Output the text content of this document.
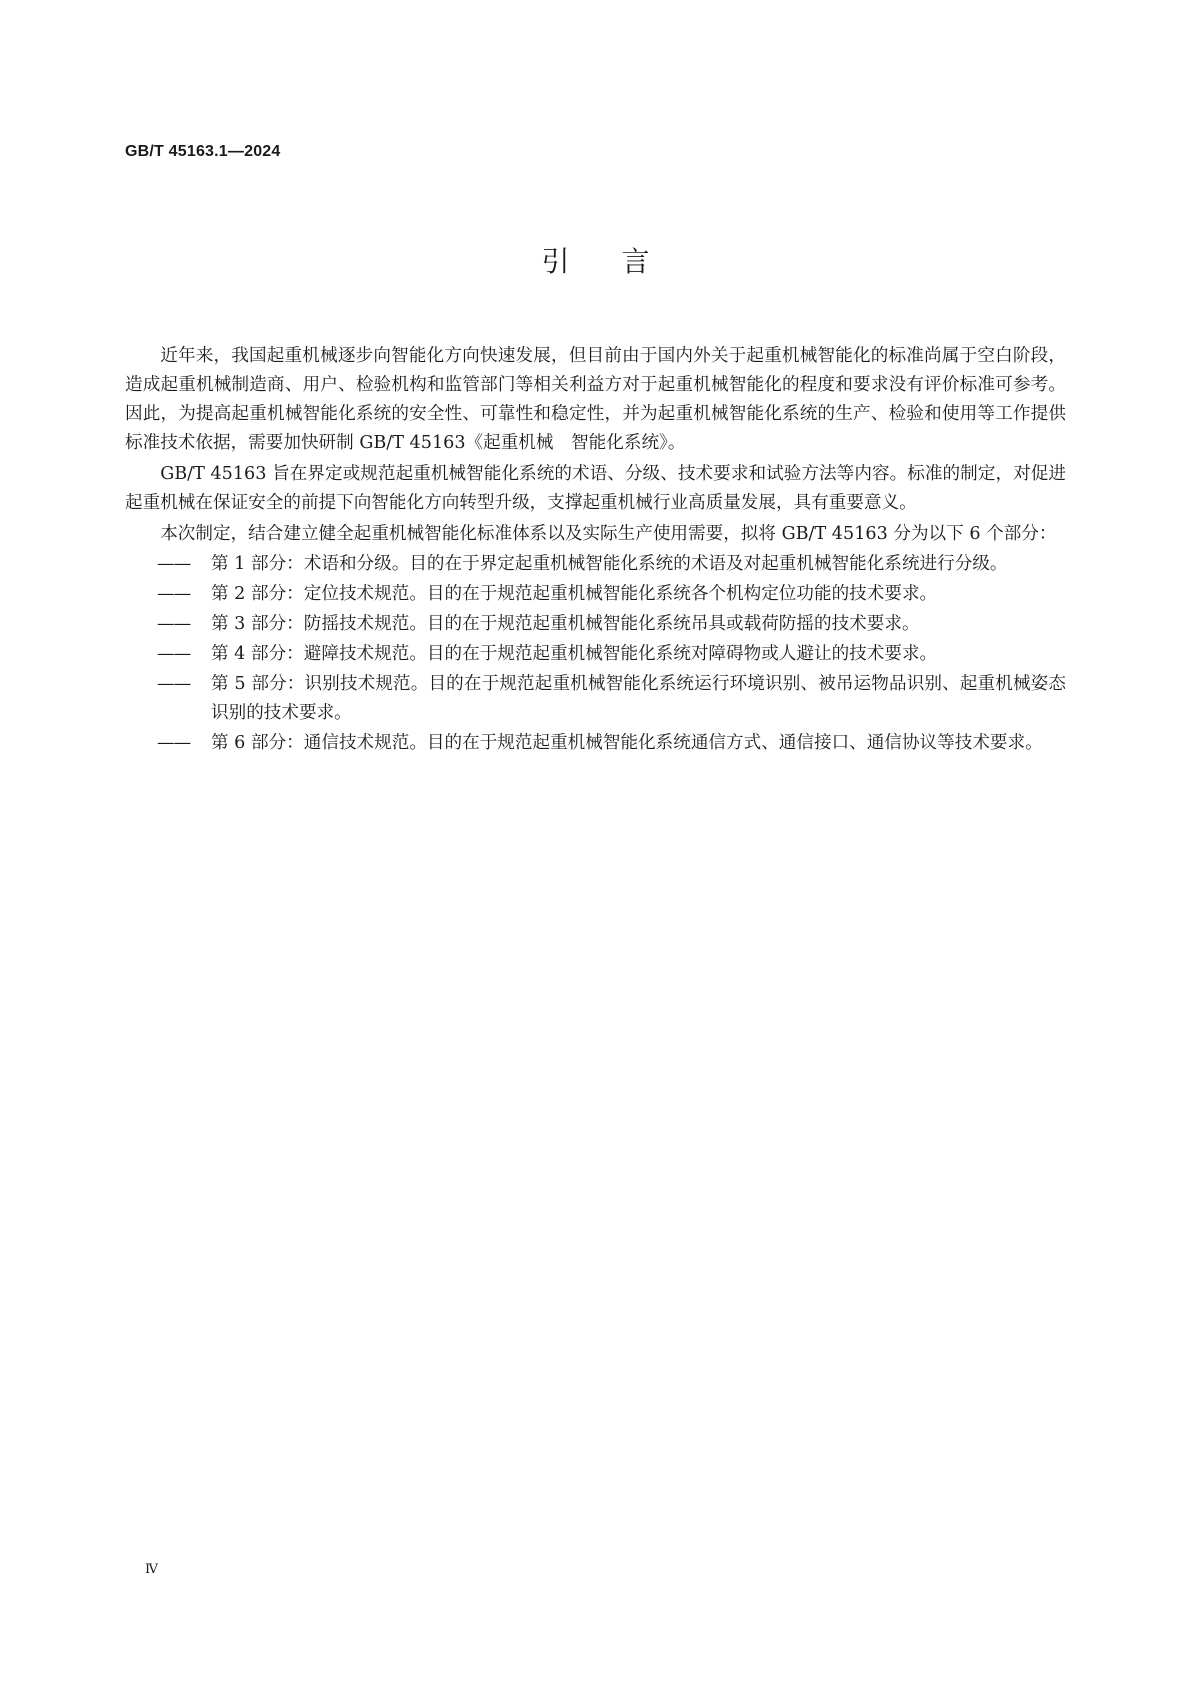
GB/T 45163.1—2024
引言

近年来，我国起重机械逐步向智能化方向快速发展，但目前由于国内外关于起重机械智能化的标准尚属于空白阶段，造成起重机械制造商、用户、检验机构和监管部门等相关利益方对于起重机械智能化的程度和要求没有评价标准可参考。因此，为提高起重机械智能化系统的安全性、可靠性和稳定性，并为起重机械智能化系统的生产、检验和使用等工作提供标准技术依据，需要加快研制 GB/T 45163《起重机械　智能化系统》。

GB/T 45163 旨在界定或规范起重机械智能化系统的术语、分级、技术要求和试验方法等内容。标准的制定，对促进起重机械在保证安全的前提下向智能化方向转型升级，支撑起重机械行业高质量发展，具有重要意义。

本次制定，结合建立健全起重机械智能化标准体系以及实际生产使用需要，拟将 GB/T 45163 分为以下 6 个部分：

——	第 1 部分：术语和分级。目的在于界定起重机械智能化系统的术语及对起重机械智能化系统进行分级。
——	第 2 部分：定位技术规范。目的在于规范起重机械智能化系统各个机构定位功能的技术要求。
——	第 3 部分：防摇技术规范。目的在于规范起重机械智能化系统吊具或载荷防摇的技术要求。
——	第 4 部分：避障技术规范。目的在于规范起重机械智能化系统对障碍物或人避让的技术要求。
——	第 5 部分：识别技术规范。目的在于规范起重机械智能化系统运行环境识别、被吊运物品识别、起重机械姿态识别的技术要求。
——	第 6 部分：通信技术规范。目的在于规范起重机械智能化系统通信方式、通信接口、通信协议等技术要求。
Ⅳ
